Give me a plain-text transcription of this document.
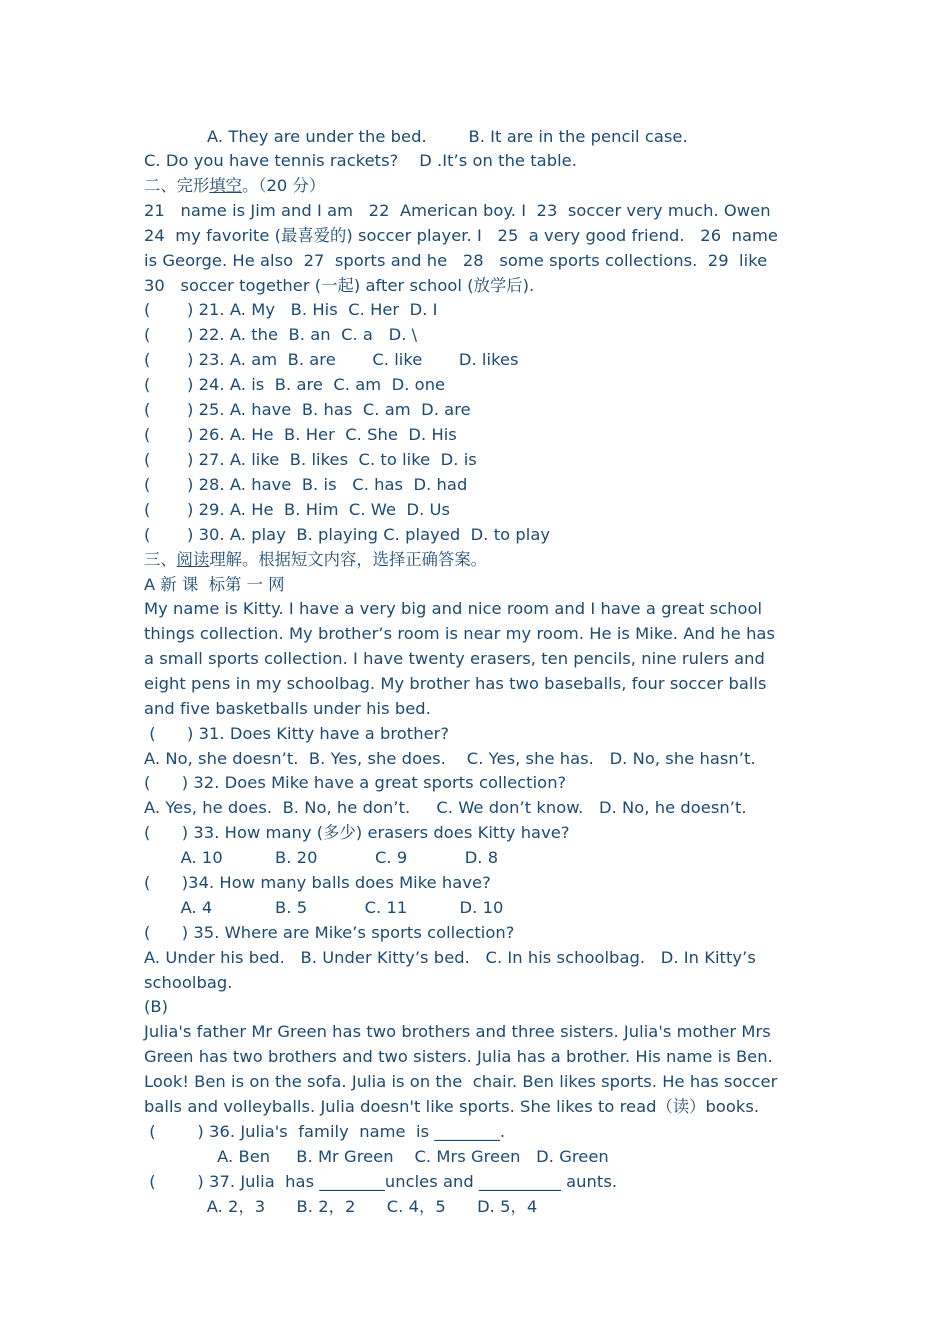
A. They are under the bed.        B. It are in the pencil case.
C. Do you have tennis rackets?    D .It’s on the table.
二、完形填空。（20 分）
21   name is Jim and I am   22  American boy. I  23  soccer very much. Owen
24  my favorite (最喜爱的) soccer player. I   25  a very good friend.   26  name
is George. He also  27  sports and he   28   some sports collections.  29  like
30   soccer together (一起) after school (放学后).
(       ) 21. A. My   B. His  C. Her  D. I
(       ) 22. A. the  B. an  C. a   D. \
(       ) 23. A. am  B. are       C. like       D. likes
(       ) 24. A. is  B. are  C. am  D. one
(       ) 25. A. have  B. has  C. am  D. are
(       ) 26. A. He  B. Her  C. She  D. His
(       ) 27. A. like  B. likes  C. to like  D. is
(       ) 28. A. have  B. is   C. has  D. had
(       ) 29. A. He  B. Him  C. We  D. Us
(       ) 30. A. play  B. playing C. played  D. to play
三、阅读理解。根据短文内容，选择正确答案。
A 新 课  标第 一 网
My name is Kitty. I have a very big and nice room and I have a great school
things collection. My brother’s room is near my room. He is Mike. And he has
a small sports collection. I have twenty erasers, ten pencils, nine rulers and
eight pens in my schoolbag. My brother has two baseballs, four soccer balls
and five basketballs under his bed.
(      ) 31. Does Kitty have a brother?
A. No, she doesn’t.  B. Yes, she does.    C. Yes, she has.   D. No, she hasn’t.
(      ) 32. Does Mike have a great sports collection?
A. Yes, he does.  B. No, he don’t.     C. We don’t know.   D. No, he doesn’t.
(      ) 33. How many (多少) erasers does Kitty have?
A. 10          B. 20           C. 9           D. 8
(      )34. How many balls does Mike have?
A. 4            B. 5           C. 11          D. 10
(      ) 35. Where are Mike’s sports collection?
A. Under his bed.   B. Under Kitty’s bed.   C. In his schoolbag.   D. In Kitty’s
schoolbag.
(B)
Julia's father Mr Green has two brothers and three sisters. Julia's mother Mrs
Green has two brothers and two sisters. Julia has a brother. His name is Ben.
Look! Ben is on the sofa. Julia is on the  chair. Ben likes sports. He has soccer
balls and volleyballs. Julia doesn't like sports. She likes to read（读）books.
(        ) 36. Julia's  family  name  is ________.
A. Ben     B. Mr Green    C. Mrs Green   D. Green
(        ) 37. Julia  has ________uncles and __________ aunts.
A. 2，3      B. 2，2      C. 4，5      D. 5，4
